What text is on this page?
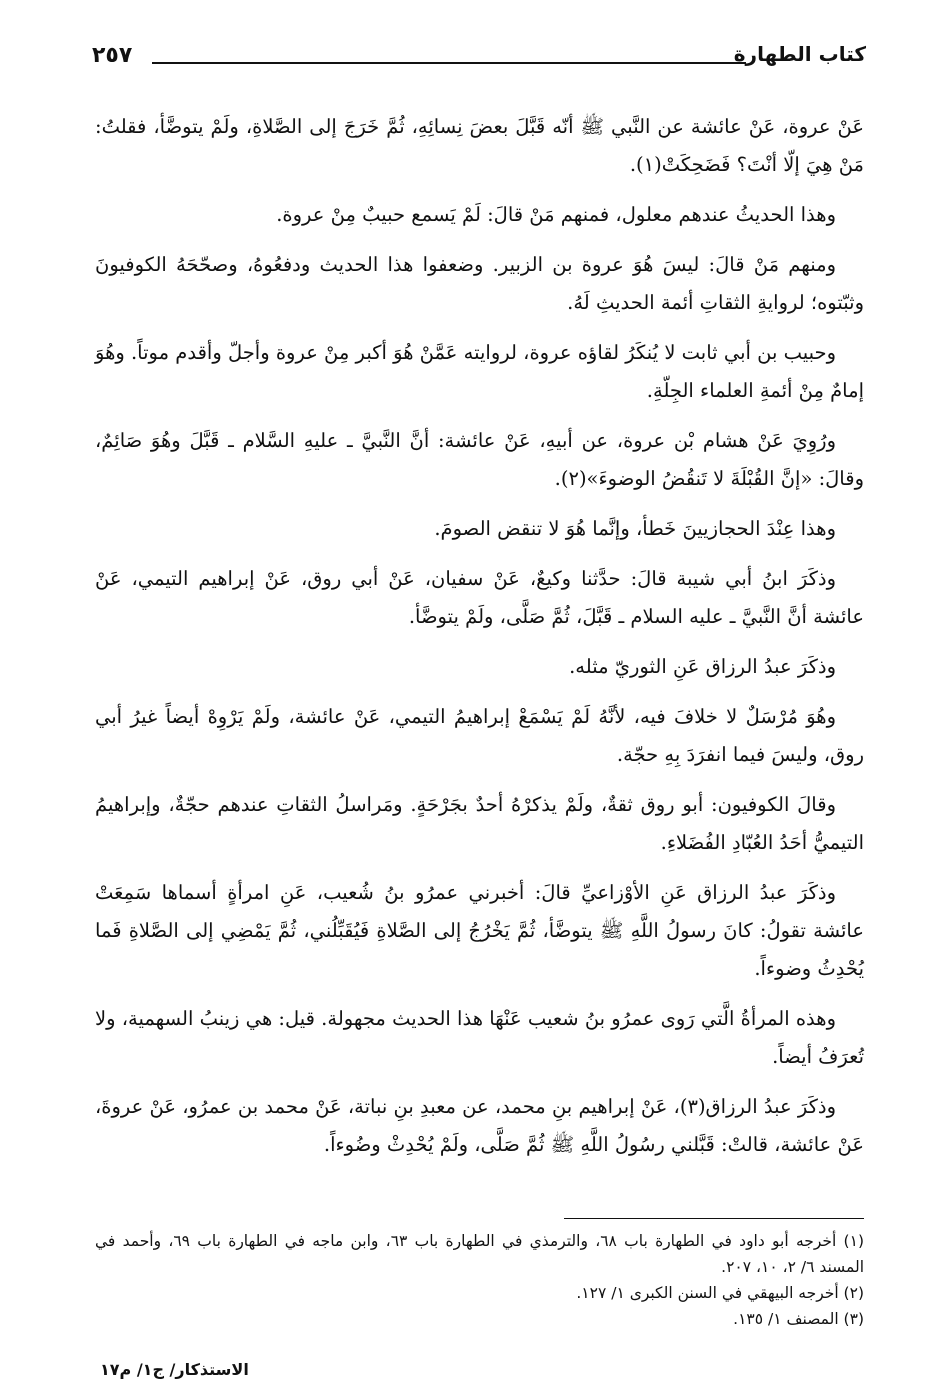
كتاب الطهارة
٢٥٧

عَنْ عروة، عَنْ عائشة عن النَّبي ﷺ أنّه قَبَّلَ بعضَ نِسائِهِ، ثُمَّ خَرَجَ إلى الصَّلاةِ، ولَمْ يتوضَّأ، فقلتُ: مَنْ هِيَ إلّا أنْتَ؟ فَضَحِكَتْ(١).

وهذا الحديثُ عندهم معلول، فمنهم مَنْ قالَ: لَمْ يَسمع حبيبٌ مِنْ عروة.

ومنهم مَنْ قالَ: ليسَ هُوَ عروة بن الزبير. وضعفوا هذا الحديث ودفعُوهُ، وصحّحَهُ الكوفيونَ وثبّتوه؛ لروايةِ الثقاتِ أئمة الحديثِ لَهُ.

وحبيب بن أبي ثابت لا يُنكَرُ لقاؤه عروة، لروايته عَمَّنْ هُوَ أكبر مِنْ عروة وأجلّ وأقدم موتاً. وهُوَ إمامٌ مِنْ أئمةِ العلماء الجِلّةِ.

ورُوِيَ عَنْ هشام بْن عروة، عن أبيهِ، عَنْ عائشة: أنَّ النَّبيَّ ـ عليهِ السَّلام ـ قَبَّلَ وهُوَ صَائِمٌ، وقالَ: «إنَّ القُبْلَةَ لا تَنقُضُ الوضوءَ»(٢).

وهذا عِنْدَ الحجازيينَ خَطأ، وإنَّما هُوَ لا تنقض الصومَ.

وذكَرَ ابنُ أبي شيبة قالَ: حدَّثنا وكيعٌ، عَنْ سفيان، عَنْ أبي روق، عَنْ إبراهيم التيمي، عَنْ عائشة أنَّ النَّبيَّ ـ عليه السلام ـ قَبَّلَ، ثُمَّ صَلَّى، ولَمْ يتوضَّأ.

وذكَرَ عبدُ الرزاق عَنِ الثوريّ مثله.

وهُوَ مُرْسَلٌ لا خلافَ فيه، لأنَّهُ لَمْ يَسْمَعْ إبراهيمُ التيمي، عَنْ عائشة، ولَمْ يَرْوِهْ أيضاً غيرُ أبي روق، وليسَ فيما انفرَدَ بِهِ حجّة.

وقالَ الكوفيون: أبو روق ثقةٌ، ولَمْ يذكرْهُ أحدٌ بجَرْحَةٍ. ومَراسلُ الثقاتِ عندهم حجّةٌ، وإبراهيمُ التيميُّ أحَدُ العُبّادِ الفُضَلاءِ.

وذكَرَ عبدُ الرزاق عَنِ الأوْزاعيِّ قالَ: أخبرني عمرُو بنُ شُعيب، عَنِ امرأةٍ أسماها سَمِعَتْ عائشة تقولُ: كانَ رسولُ اللَّهِ ﷺ يتوضَّأ، ثُمَّ يَخْرُجُ إلى الصَّلاةِ فَيُقَبِّلُني، ثُمَّ يَمْضِي إلى الصَّلاةِ فَما يُحْدِثُ وضوءاً.

وهذه المرأةُ الَّتي رَوى عمرُو بنُ شعيب عَنْهَا هذا الحديث مجهولة. قيل: هي زينبُ السهمية، ولا تُعرَفُ أيضاً.

وذكَرَ عبدُ الرزاق(٣)، عَنْ إبراهيم بنِ محمد، عن معبدِ بنِ نباتة، عَنْ محمد بن عمرُو، عَنْ عروةَ، عَنْ عائشة، قالتْ: قَبَّلني رسُولُ اللَّهِ ﷺ ثُمَّ صَلَّى، ولَمْ يُحْدِثْ وضُوءاً.

(١) أخرجه أبو داود في الطهارة باب ٦٨، والترمذي في الطهارة باب ٦٣، وابن ماجه في الطهارة باب ٦٩، وأحمد في المسند ٦/ ٢، ١٠، ٢٠٧.

(٢) أخرجه البيهقي في السنن الكبرى ١/ ١٢٧.

(٣) المصنف ١/ ١٣٥.

الاستذكار/ ج١/ م١٧
